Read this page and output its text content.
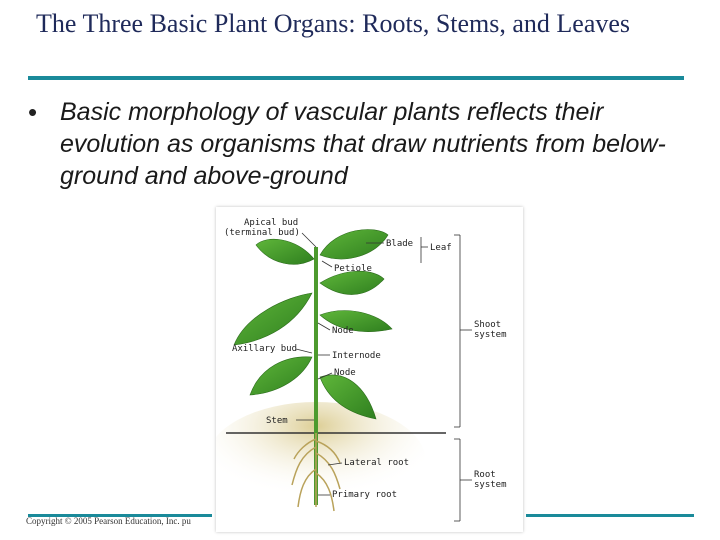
The Three Basic Plant Organs: Roots, Stems, and Leaves
• Basic morphology of vascular plants reflects their evolution as organisms that draw nutrients from below-ground and above-ground
Apical bud
(terminal bud)
Blade Leaf
Petiole
Node
Axillary bud
Internode
Node
Shoot
system
Stem
Lateral root
Primary root
Root
system
Copyright © 2005 Pearson Education, Inc. pu
